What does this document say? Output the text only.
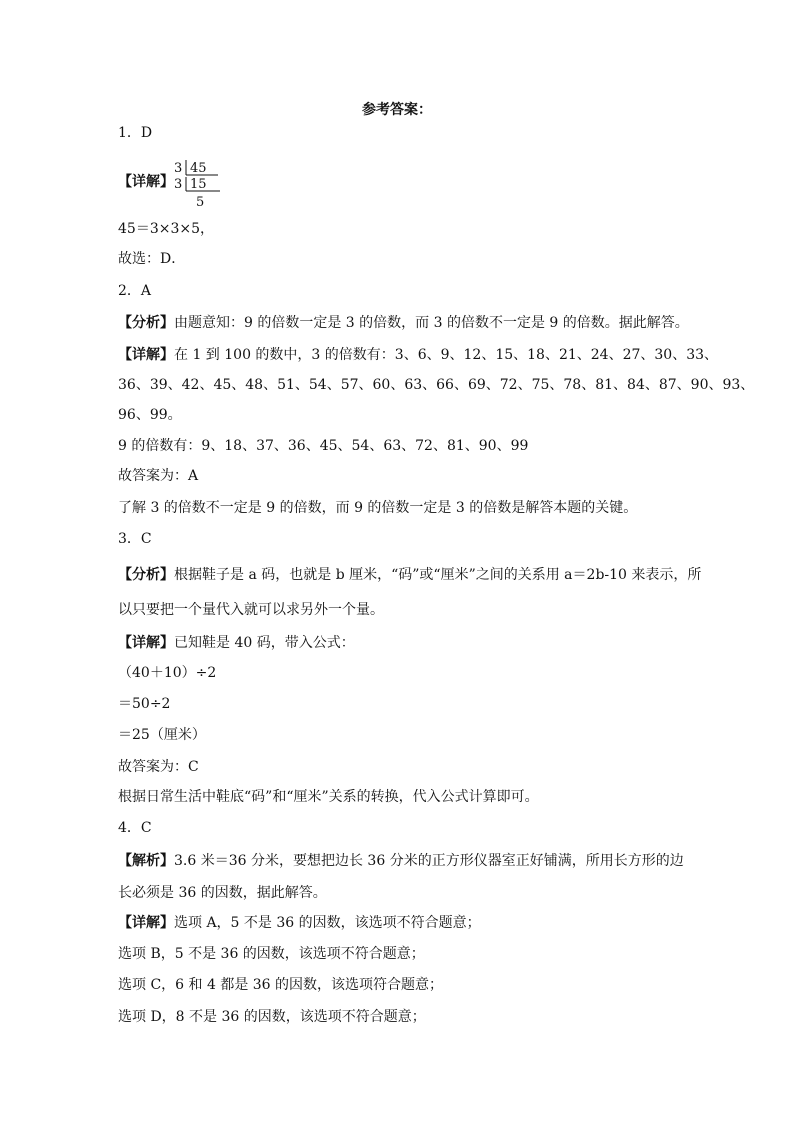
参考答案：
1．D
【详解】
3 45
3 15
5
45＝3×3×5，
故选：D．
2．A
【分析】由题意知：9 的倍数一定是 3 的倍数，而 3 的倍数不一定是 9 的倍数。据此解答。
【详解】在 1 到 100 的数中，3 的倍数有：3、6、9、12、15、18、21、24、27、30、33、
36、39、42、45、48、51、54、57、60、63、66、69、72、75、78、81、84、87、90、93、
96、99。
9 的倍数有：9、18、37、36、45、54、63、72、81、90、99
故答案为：A
了解 3 的倍数不一定是 9 的倍数，而 9 的倍数一定是 3 的倍数是解答本题的关键。
3．C
【分析】根据鞋子是 a 码，也就是 b 厘米，“码”或“厘米”之间的关系用 a＝2b-10 来表示，所
以只要把一个量代入就可以求另外一个量。
【详解】已知鞋是 40 码，带入公式：
（40＋10）÷2
＝50÷2
＝25（厘米）
故答案为：C
根据日常生活中鞋底“码”和“厘米”关系的转换，代入公式计算即可。
4．C
【解析】3.6 米＝36 分米，要想把边长 36 分米的正方形仪器室正好铺满，所用长方形的边
长必须是 36 的因数，据此解答。
【详解】选项 A，5 不是 36 的因数，该选项不符合题意；
选项 B，5 不是 36 的因数，该选项不符合题意；
选项 C，6 和 4 都是 36 的因数，该选项符合题意；
选项 D，8 不是 36 的因数，该选项不符合题意；
